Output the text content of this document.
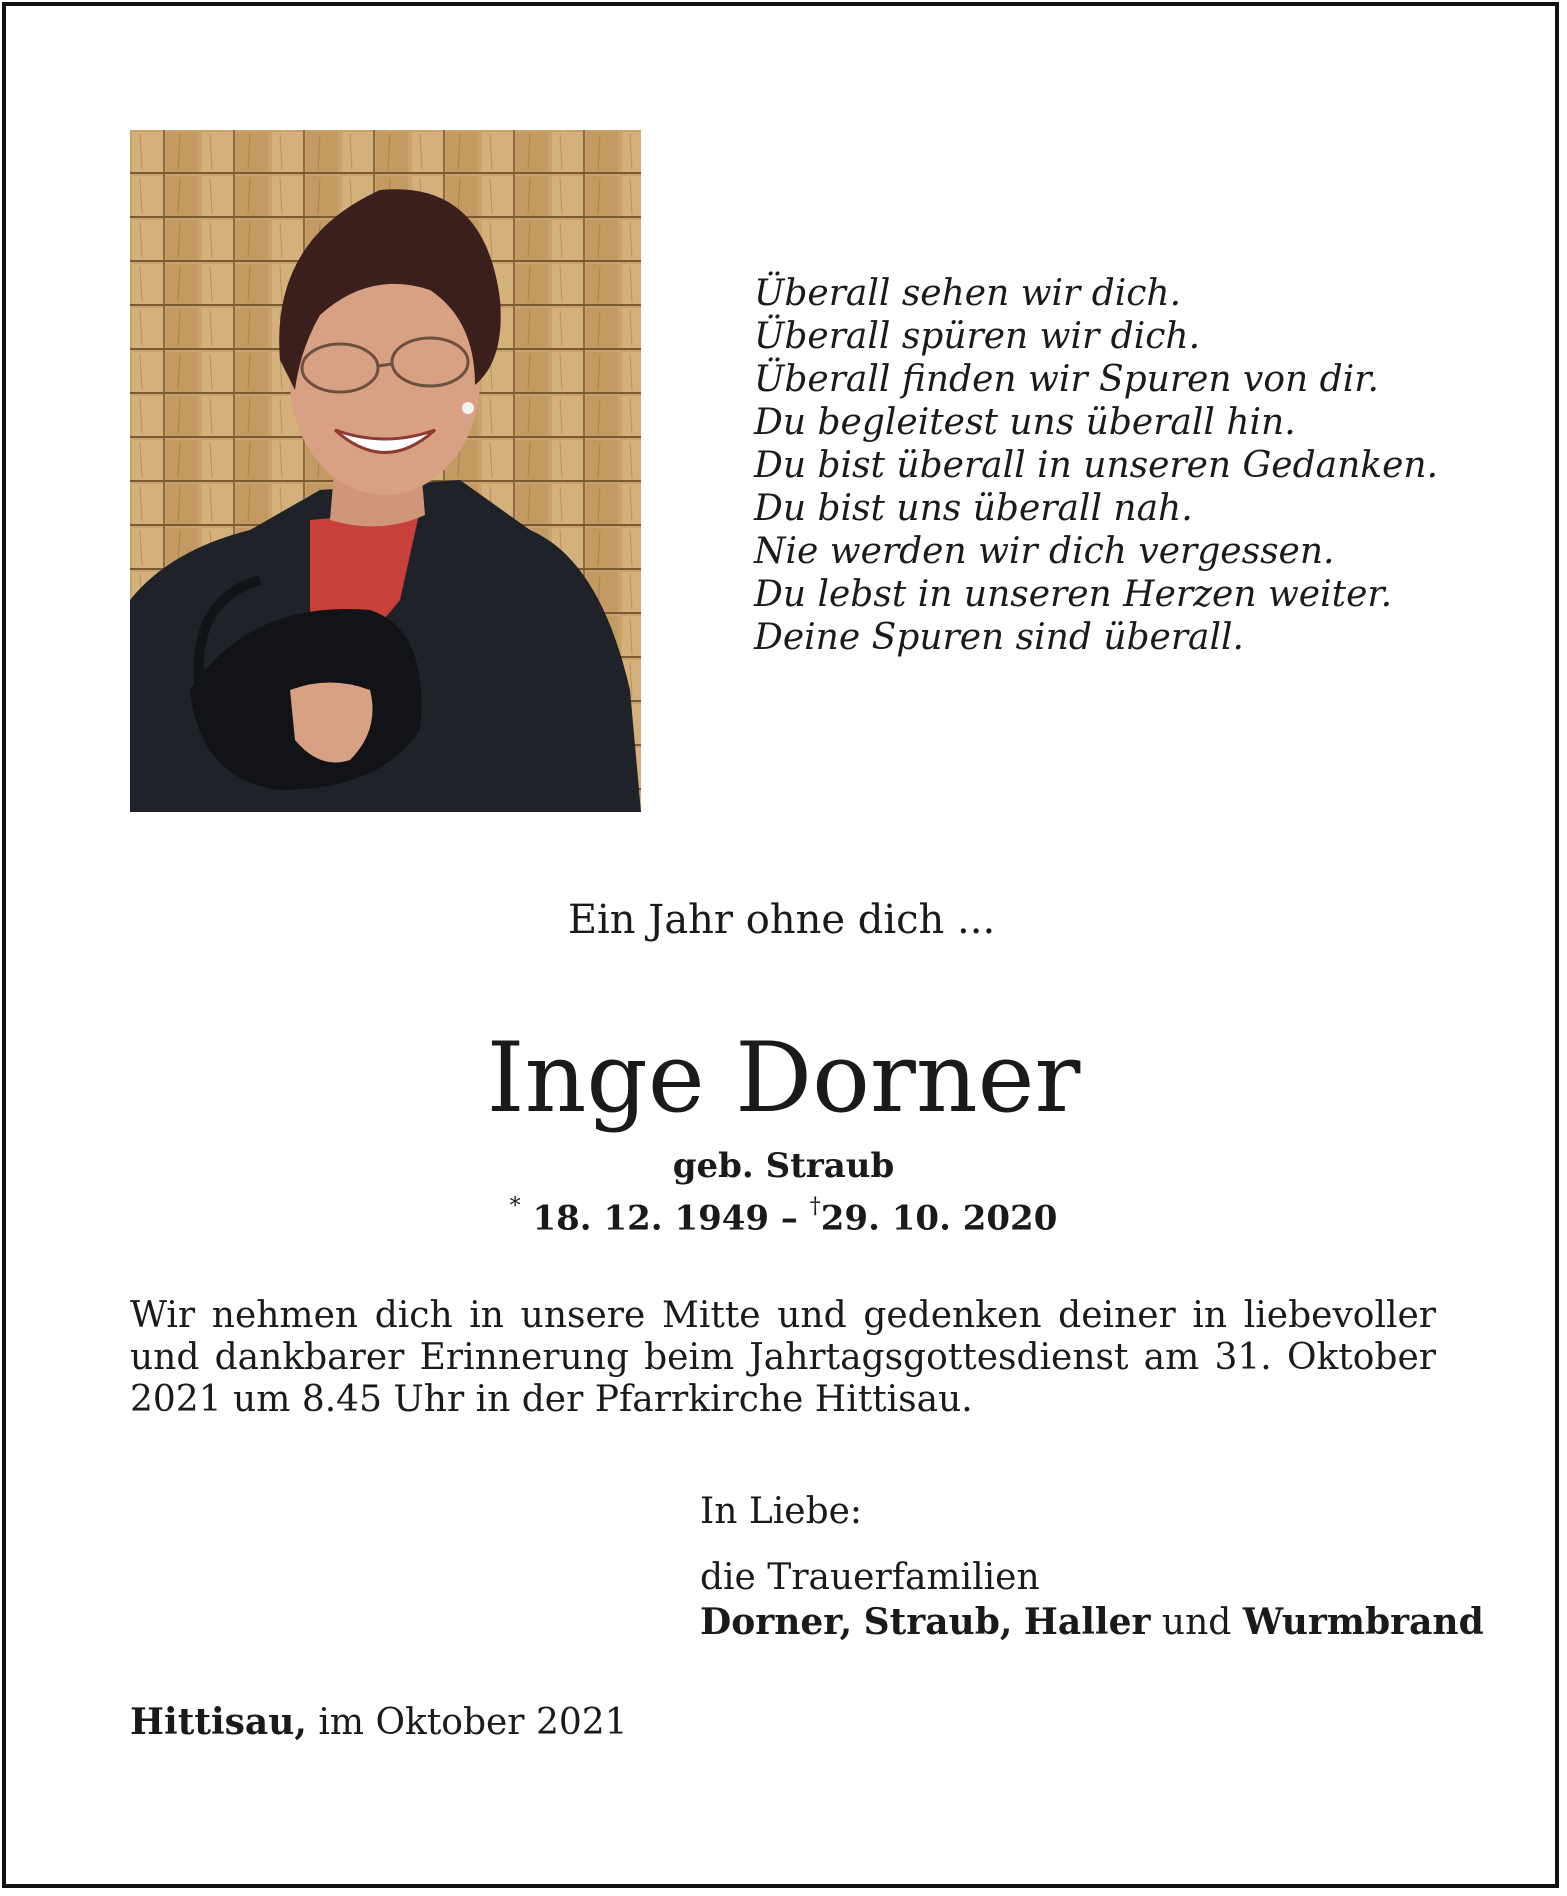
Überall sehen wir dich.
Überall spüren wir dich.
Überall finden wir Spuren von dir.
Du begleitest uns überall hin.
Du bist überall in unseren Gedanken.
Du bist uns überall nah.
Nie werden wir dich vergessen.
Du lebst in unseren Herzen weiter.
Deine Spuren sind überall.
Ein Jahr ohne dich ...
Inge Dorner
geb. Straub
* 18. 12. 1949 – †29. 10. 2020
Wir nehmen dich in unsere Mitte und gedenken deiner in liebevoller und dankbarer Erinnerung beim Jahrtagsgottesdienst am 31. Oktober 2021 um 8.45 Uhr in der Pfarrkirche Hittisau.
In Liebe:
die Trauerfamilien
Dorner, Straub, Haller und Wurmbrand
Hittisau, im Oktober 2021
